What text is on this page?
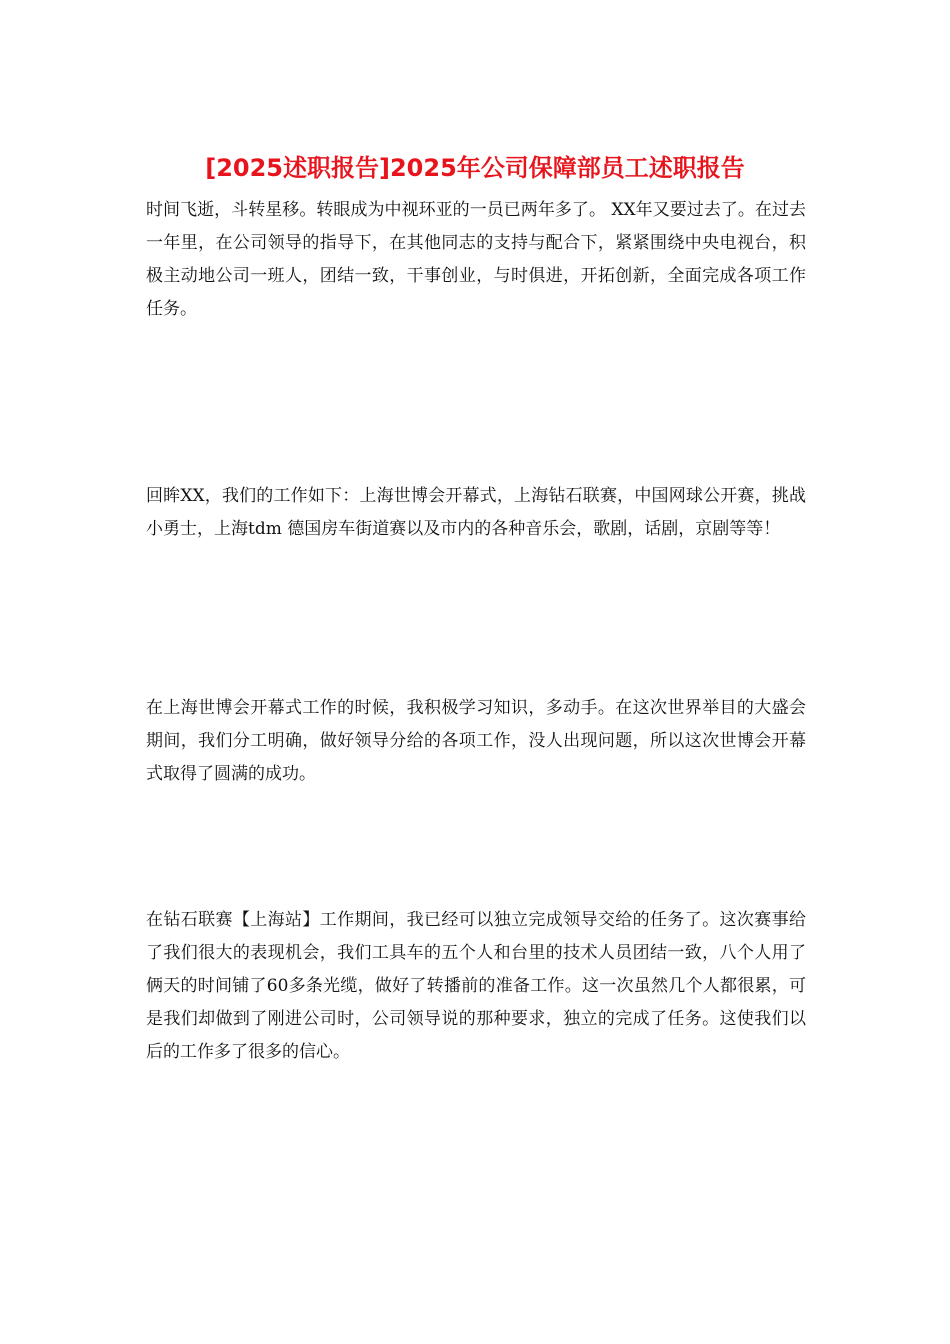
[2025述职报告]2025年公司保障部员工述职报告

时间飞逝，斗转星移。转眼成为中视环亚的一员已两年多了。 XX年又要过去了。在过去一年里，在公司领导的指导下，在其他同志的支持与配合下，紧紧围绕中央电视台，积极主动地公司一班人，团结一致，干事创业，与时俱进，开拓创新，全面完成各项工作任务。

回眸XX，我们的工作如下：上海世博会开幕式，上海钻石联赛，中国网球公开赛，挑战小勇士，上海tdm 德国房车街道赛以及市内的各种音乐会，歌剧，话剧，京剧等等！

在上海世博会开幕式工作的时候，我积极学习知识，多动手。在这次世界举目的大盛会期间，我们分工明确，做好领导分给的各项工作，没人出现问题，所以这次世博会开幕式取得了圆满的成功。

在钻石联赛【上海站】工作期间，我已经可以独立完成领导交给的任务了。这次赛事给了我们很大的表现机会，我们工具车的五个人和台里的技术人员团结一致，八个人用了俩天的时间铺了60多条光缆，做好了转播前的准备工作。这一次虽然几个人都很累，可是我们却做到了刚进公司时，公司领导说的那种要求，独立的完成了任务。这使我们以后的工作多了很多的信心。
